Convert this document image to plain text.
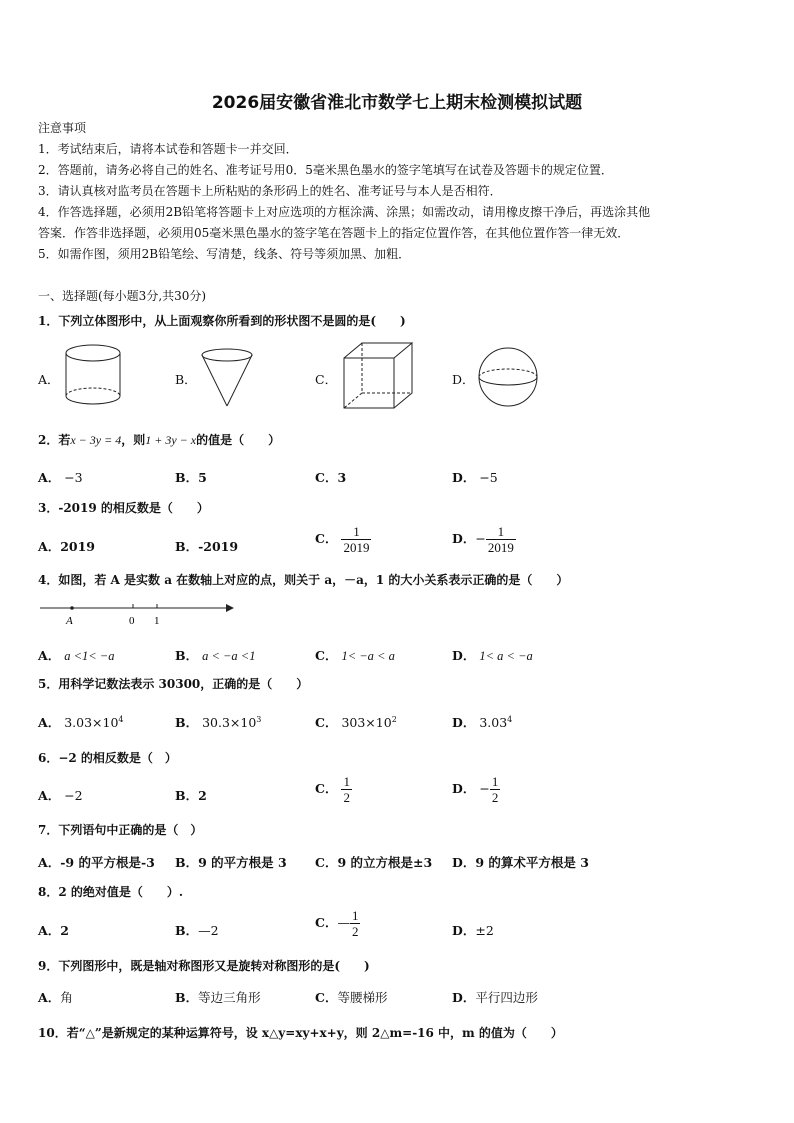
2026届安徽省淮北市数学七上期末检测模拟试题
注意事项
1．考试结束后，请将本试卷和答题卡一并交回．
2．答题前，请务必将自己的姓名、准考证号用0．5毫米黑色墨水的签字笔填写在试卷及答题卡的规定位置．
3．请认真核对监考员在答题卡上所粘贴的条形码上的姓名、准考证号与本人是否相符．
4．作答选择题，必须用2B铅笔将答题卡上对应选项的方框涂满、涂黑；如需改动，请用橡皮擦干净后，再选涂其他
答案．作答非选择题，必须用05毫米黑色墨水的签字笔在答题卡上的指定位置作答，在其他位置作答一律无效．
5．如需作图，须用2B铅笔绘、写清楚，线条、符号等须加黑、加粗．
一、选择题(每小题3分,共30分)
1．下列立体图形中，从上面观察你所看到的形状图不是圆的是(　　)
A．	B．	C．	D．
2．若x − 3y = 4，则1 + 3y − x的值是（　　）
A． −3	B．5	C．3	D． −5
3．-2019 的相反数是（　　）
A．2019	B．-2019
C． $\frac{1}{2019}$	D．− $\frac{1}{2019}$
4．如图，若 A 是实数 a 在数轴上对应的点，则关于 a，－a，1 的大小关系表示正确的是（　　）
A	0 1
A． a <1< −a	B． a < −a <1	C． 1< −a < a	D． 1< a < −a
5．用科学记数法表示 30300，正确的是（　　）
A． $3.03\times 10^4$	B． $30.3\times 10^3$	C． $303\times 10^2$	D． 3.03$^4$
6．−2 的相反数是（　）
A． −2	B．2	C． $\frac{1}{2}$	D． − $\frac{1}{2}$
7．下列语句中正确的是（　）
A．-9 的平方根是-3 B．9 的平方根是 3 C．9 的立方根是±3 D．9 的算术平方根是 3
8．2 的绝对值是（　　）.
A．2	B．—2
C．— $\frac{1}{2}$	D．±2
9．下列图形中，既是轴对称图形又是旋转对称图形的是(　　)
A．角	B．等边三角形	C．等腰梯形	D．平行四边形
10．若“△”是新规定的某种运算符号，设 x△y=xy+x+y，则 2△m=-16 中，m 的值为（　　）
